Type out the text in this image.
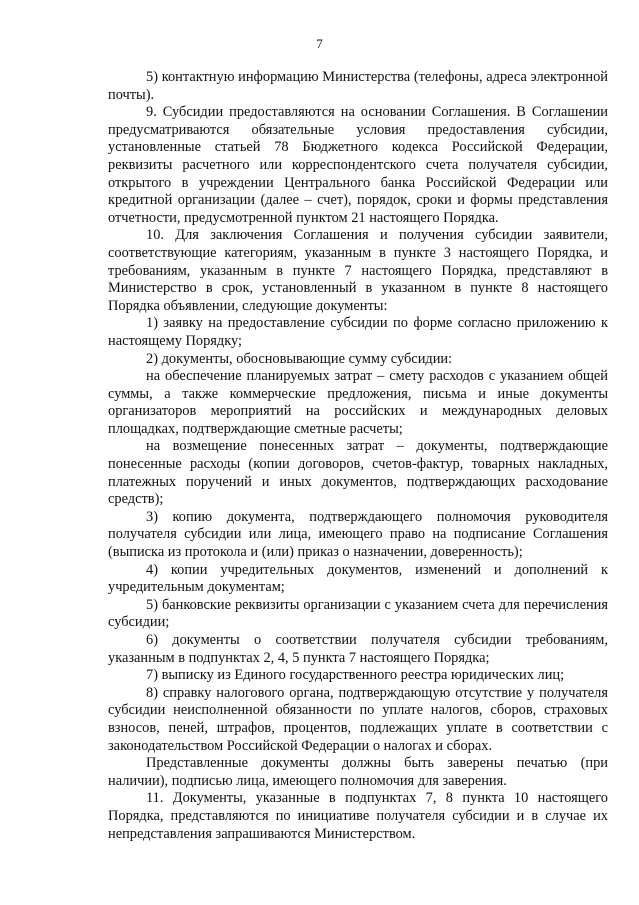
7

5) контактную информацию Министерства (телефоны, адреса электронной почты).

9. Субсидии предоставляются на основании Соглашения. В Соглашении предусматриваются обязательные условия предоставления субсидии, установленные статьей 78 Бюджетного кодекса Российской Федерации, реквизиты расчетного или корреспондентского счета получателя субсидии, открытого в учреждении Центрального банка Российской Федерации или кредитной организации (далее – счет), порядок, сроки и формы представления отчетности, предусмотренной пунктом 21 настоящего Порядка.

10. Для заключения Соглашения и получения субсидии заявители, соответствующие категориям, указанным в пункте 3 настоящего Порядка, и требованиям, указанным в пункте 7 настоящего Порядка, представляют в Министерство в срок, установленный в указанном в пункте 8 настоящего Порядка объявлении, следующие документы:

1) заявку на предоставление субсидии по форме согласно приложению к настоящему Порядку;

2) документы, обосновывающие сумму субсидии:

на обеспечение планируемых затрат – смету расходов с указанием общей суммы, а также коммерческие предложения, письма и иные документы организаторов мероприятий на российских и международных деловых площадках, подтверждающие сметные расчеты;

на возмещение понесенных затрат – документы, подтверждающие понесенные расходы (копии договоров, счетов-фактур, товарных накладных, платежных поручений и иных документов, подтверждающих расходование средств);

3) копию документа, подтверждающего полномочия руководителя получателя субсидии или лица, имеющего право на подписание Соглашения (выписка из протокола и (или) приказ о назначении, доверенность);

4) копии учредительных документов, изменений и дополнений к учредительным документам;

5) банковские реквизиты организации с указанием счета для перечисления субсидии;

6) документы о соответствии получателя субсидии требованиям, указанным в подпунктах 2, 4, 5 пункта 7 настоящего Порядка;

7) выписку из Единого государственного реестра юридических лиц;

8) справку налогового органа, подтверждающую отсутствие у получателя субсидии неисполненной обязанности по уплате налогов, сборов, страховых взносов, пеней, штрафов, процентов, подлежащих уплате в соответствии с законодательством Российской Федерации о налогах и сборах.

Представленные документы должны быть заверены печатью (при наличии), подписью лица, имеющего полномочия для заверения.

11. Документы, указанные в подпунктах 7, 8 пункта 10 настоящего Порядка, представляются по инициативе получателя субсидии и в случае их непредставления запрашиваются Министерством.
